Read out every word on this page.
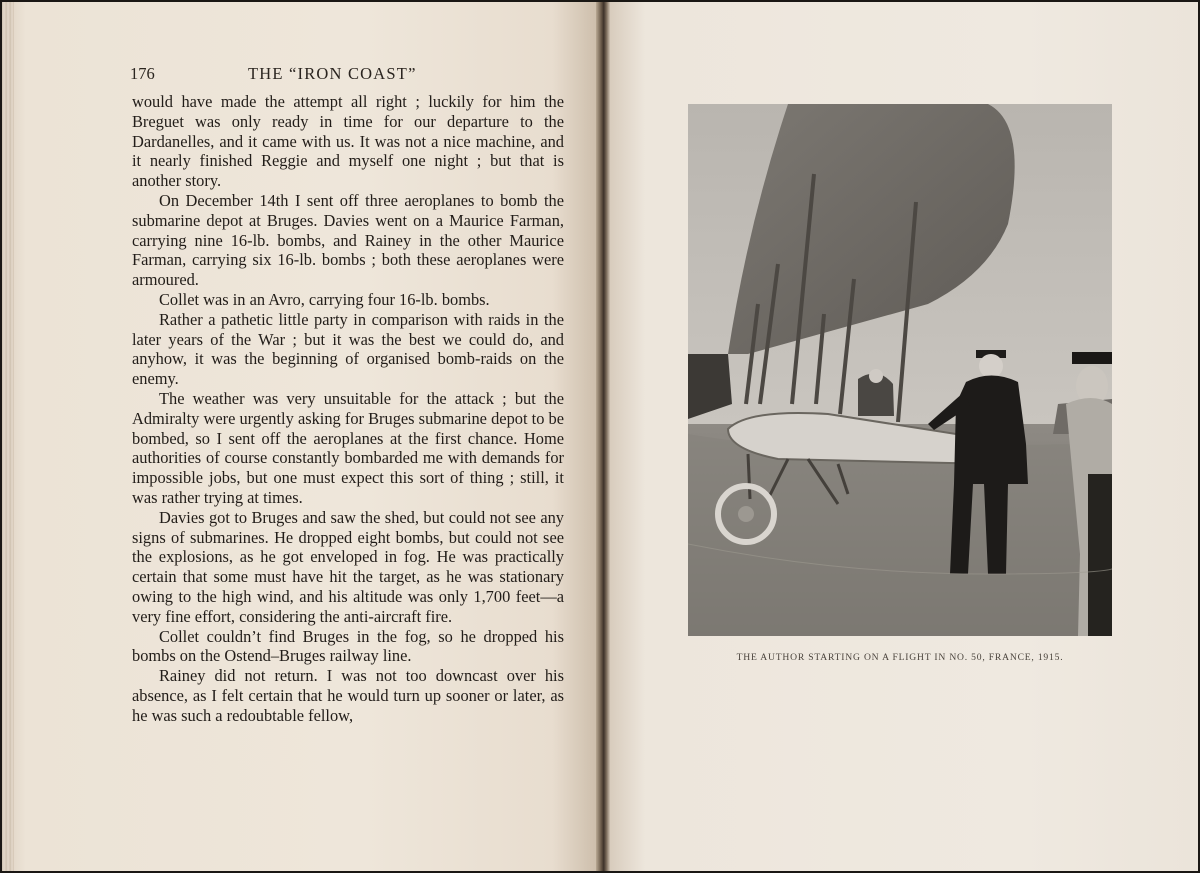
176	THE “IRON COAST”

would have made the attempt all right ; luckily for him the Breguet was only ready in time for our departure to the Dardanelles, and it came with us. It was not a nice machine, and it nearly finished Reggie and myself one night ; but that is another story.

On December 14th I sent off three aeroplanes to bomb the submarine depot at Bruges. Davies went on a Maurice Farman, carrying nine 16-lb. bombs, and Rainey in the other Maurice Farman, carrying six 16-lb. bombs ; both these aeroplanes were armoured.

Collet was in an Avro, carrying four 16-lb. bombs.

Rather a pathetic little party in comparison with raids in the later years of the War ; but it was the best we could do, and anyhow, it was the beginning of organised bomb-raids on the enemy.

The weather was very unsuitable for the attack ; but the Admiralty were urgently asking for Bruges submarine depot to be bombed, so I sent off the aeroplanes at the first chance. Home authorities of course constantly bombarded me with demands for impossible jobs, but one must expect this sort of thing ; still, it was rather trying at times.

Davies got to Bruges and saw the shed, but could not see any signs of submarines. He dropped eight bombs, but could not see the explosions, as he got enveloped in fog. He was practically certain that some must have hit the target, as he was stationary owing to the high wind, and his altitude was only 1,700 feet—a very fine effort, considering the anti-aircraft fire.

Collet couldn’t find Bruges in the fog, so he dropped his bombs on the Ostend–Bruges railway line.

Rainey did not return. I was not too downcast over his absence, as I felt certain that he would turn up sooner or later, as he was such a redoubtable fellow,

THE AUTHOR STARTING ON A FLIGHT IN NO. 50, FRANCE, 1915.
